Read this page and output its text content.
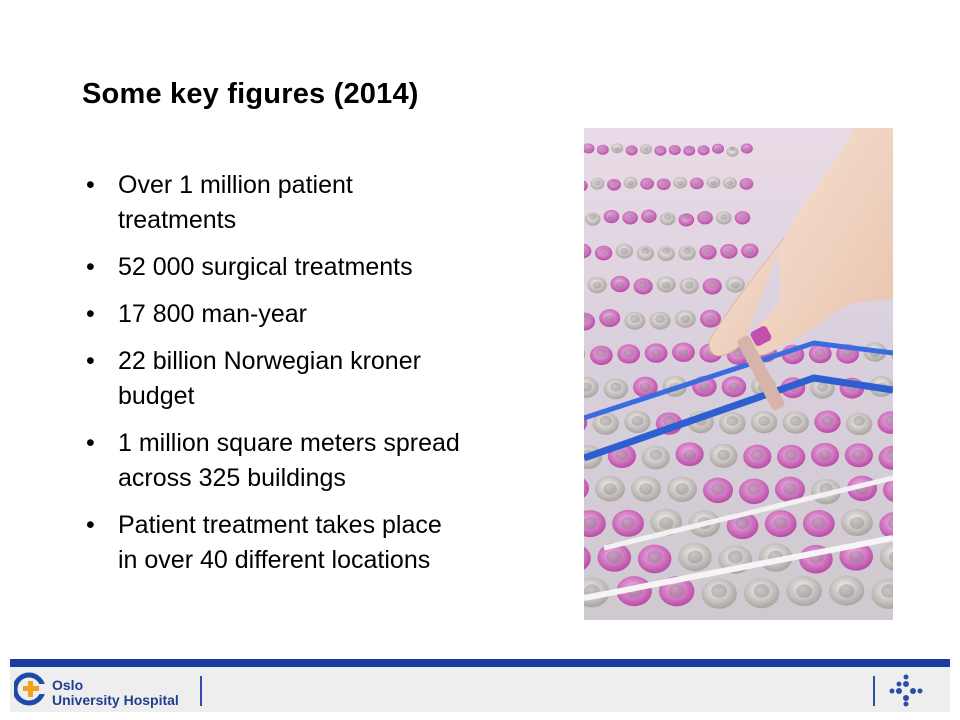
Some key figures (2014)
• Over 1 million patient
treatments
• 52 000 surgical treatments
• 17 800 man-year
• 22 billion Norwegian kroner
budget
• 1 million square meters spread
across 325 buildings
• Patient treatment takes place
in over 40 different locations
Oslo
University Hospital
